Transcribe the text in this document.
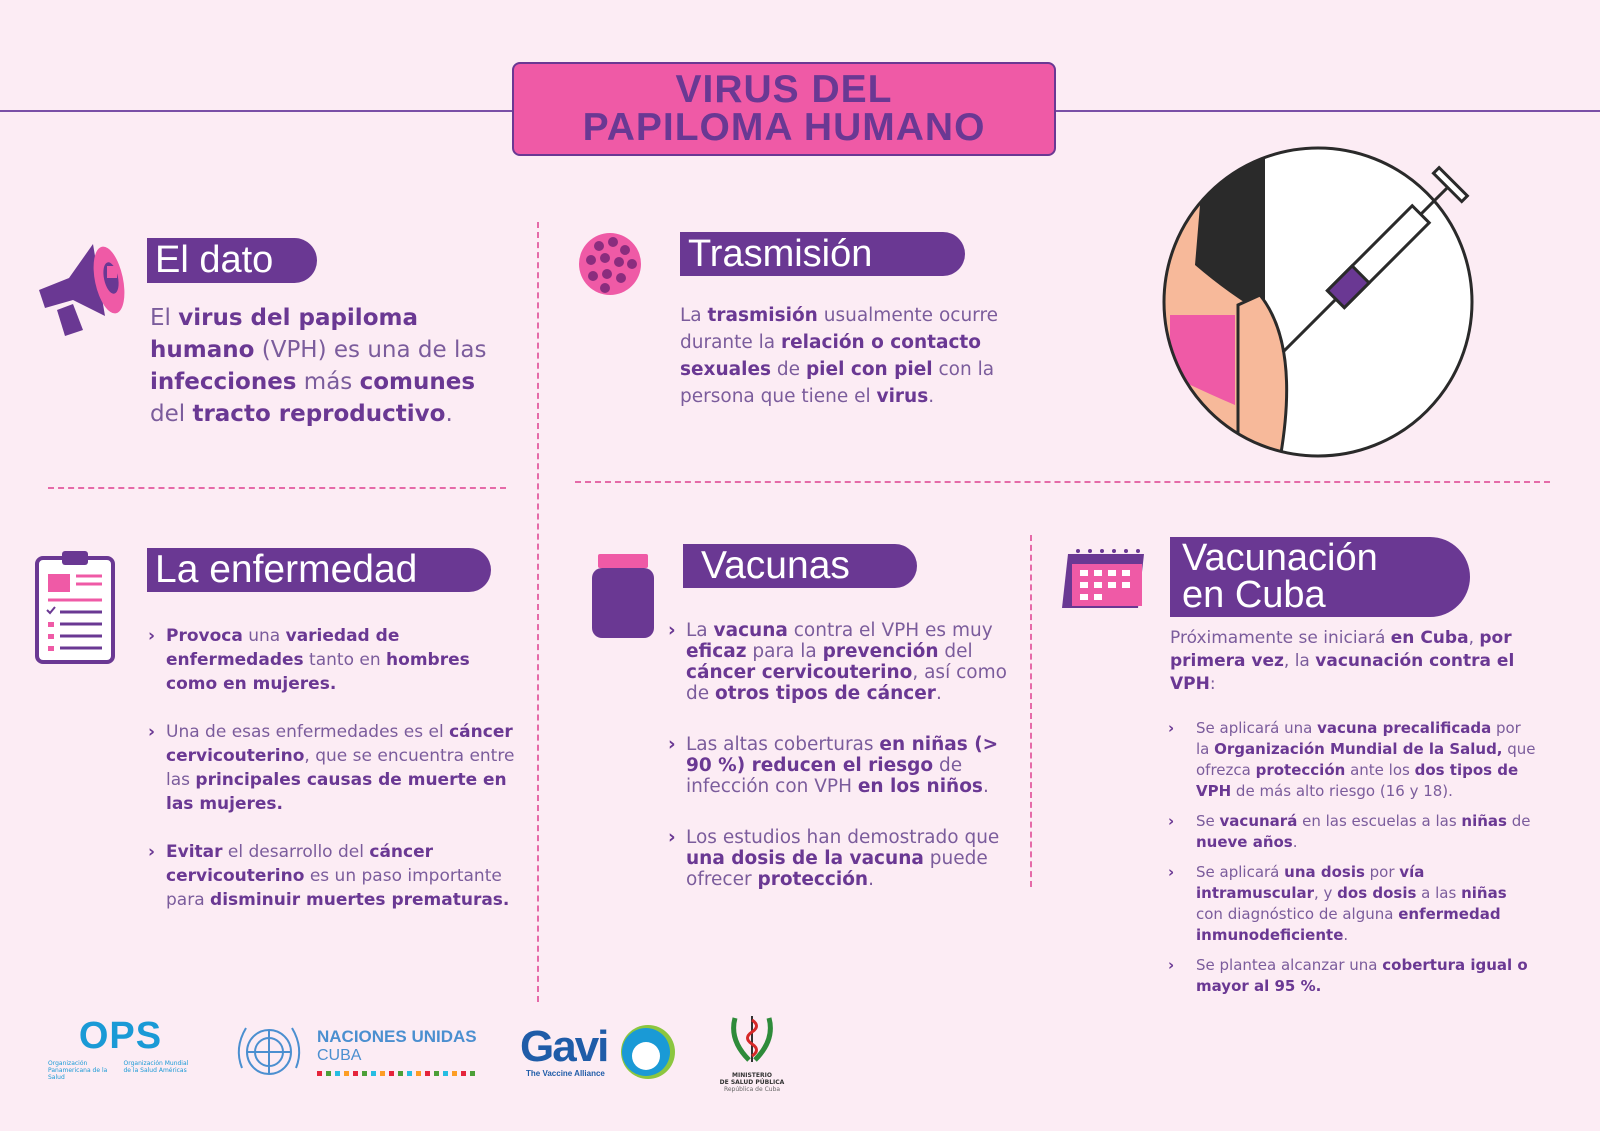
VIRUS DEL
PAPILOMA HUMANO
El dato
El virus del papiloma humano (VPH) es una de las infecciones más comunes del tracto reproductivo.
Trasmisión
La trasmisión usualmente ocurre durante la relación o contacto sexuales de piel con piel con la persona que tiene el virus.
La enfermedad
› Provoca una variedad de enfermedades tanto en hombres como en mujeres.
› Una de esas enfermedades es el cáncer cervicouterino, que se encuentra entre las principales causas de muerte en las mujeres.
› Evitar el desarrollo del cáncer cervicouterino es un paso importante para disminuir muertes prematuras.
Vacunas
› La vacuna contra el VPH es muy eficaz para la prevención del cáncer cervicouterino, así como de otros tipos de cáncer.
› Las altas coberturas en niñas (> 90 %) reducen el riesgo de infección con VPH en los niños.
› Los estudios han demostrado que una dosis de la vacuna puede ofrecer protección.
Vacunación
en Cuba
Próximamente se iniciará en Cuba, por primera vez, la vacunación contra el VPH:
› Se aplicará una vacuna precalificada por la Organización Mundial de la Salud, que ofrezca protección ante los dos tipos de VPH de más alto riesgo (16 y 18).
› Se vacunará en las escuelas a las niñas de nueve años.
› Se aplicará una dosis por vía intramuscular, y dos dosis a las niñas con diagnóstico de alguna enfermedad inmunodeficiente.
› Se plantea alcanzar una cobertura igual o mayor al 95 %.
OPS
Organización Panamericana de la Salud
Organización Mundial de la Salud Américas
NACIONES UNIDAS
CUBA	Gavi
The Vaccine Alliance	MINISTERIO
DE SALUD PÚBLICA
República de Cuba
